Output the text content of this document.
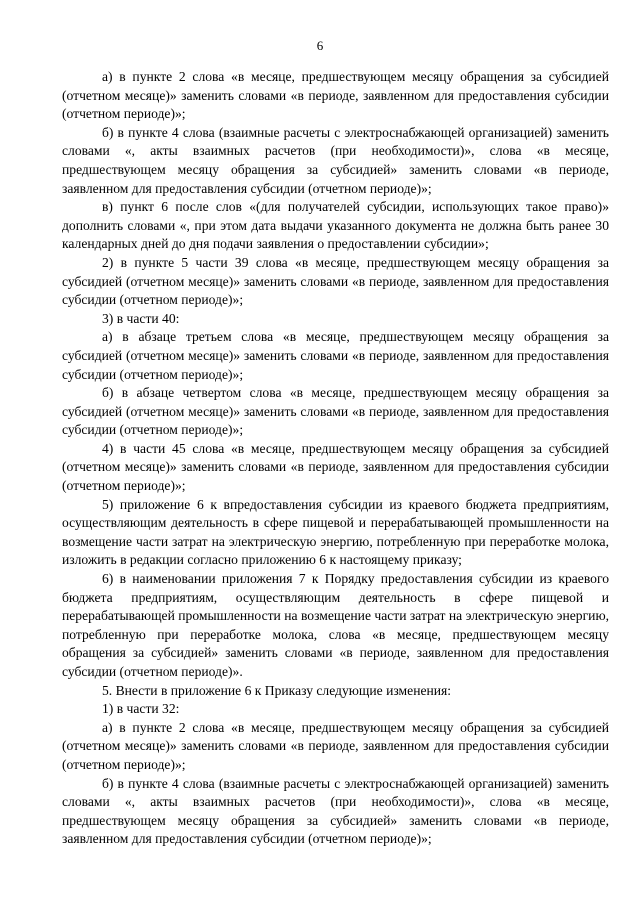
6

а) в пункте 2 слова «в месяце, предшествующем месяцу обращения за субсидией (отчетном месяце)» заменить словами «в периоде, заявленном для предоставления субсидии (отчетном периоде)»;

б) в пункте 4 слова (взаимные расчеты с электроснабжающей организацией) заменить словами «, акты взаимных расчетов (при необходимости)», слова «в месяце, предшествующем месяцу обращения за субсидией» заменить словами «в периоде, заявленном для предоставления субсидии (отчетном периоде)»;

в) пункт 6 после слов «(для получателей субсидии, использующих такое право)» дополнить словами «, при этом дата выдачи указанного документа не должна быть ранее 30 календарных дней до дня подачи заявления о предоставлении субсидии»;

2) в пункте 5 части 39 слова «в месяце, предшествующем месяцу обращения за субсидией (отчетном месяце)» заменить словами «в периоде, заявленном для предоставления субсидии (отчетном периоде)»;

3) в части 40:

а) в абзаце третьем слова «в месяце, предшествующем месяцу обращения за субсидией (отчетном месяце)» заменить словами «в периоде, заявленном для предоставления субсидии (отчетном периоде)»;

б) в абзаце четвертом слова «в месяце, предшествующем месяцу обращения за субсидией (отчетном месяце)» заменить словами «в периоде, заявленном для предоставления субсидии (отчетном периоде)»;

4) в части 45 слова «в месяце, предшествующем месяцу обращения за субсидией (отчетном месяце)» заменить словами «в периоде, заявленном для предоставления субсидии (отчетном периоде)»;

5) приложение 6 к впредоставления субсидии из краевого бюджета предприятиям, осуществляющим деятельность в сфере пищевой и перерабатывающей промышленности на возмещение части затрат на электрическую энергию, потребленную при переработке молока, изложить в редакции согласно приложению 6 к настоящему приказу;

6) в наименовании приложения 7 к Порядку предоставления субсидии из краевого бюджета предприятиям, осуществляющим деятельность в сфере пищевой и перерабатывающей промышленности на возмещение части затрат на электрическую энергию, потребленную при переработке молока, слова «в месяце, предшествующем месяцу обращения за субсидией» заменить словами «в периоде, заявленном для предоставления субсидии (отчетном периоде)».

5. Внести в приложение 6 к Приказу следующие изменения:

1) в части 32:

а) в пункте 2 слова «в месяце, предшествующем месяцу обращения за субсидией (отчетном месяце)» заменить словами «в периоде, заявленном для предоставления субсидии (отчетном периоде)»;

б) в пункте 4 слова (взаимные расчеты с электроснабжающей организацией) заменить словами «, акты взаимных расчетов (при необходимости)», слова «в месяце, предшествующем месяцу обращения за субсидией» заменить словами «в периоде, заявленном для предоставления субсидии (отчетном периоде)»;
